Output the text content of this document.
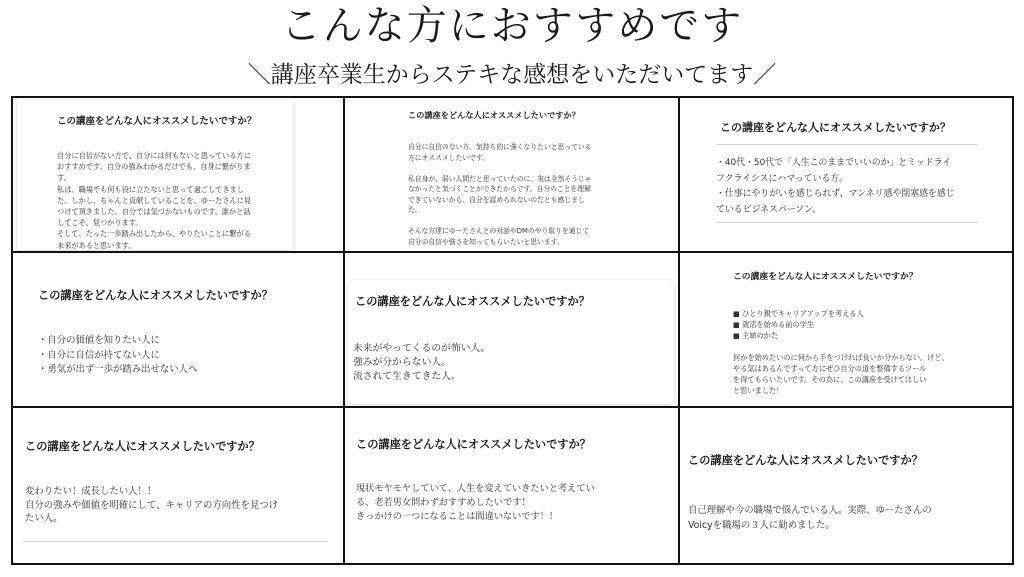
こんな方におすすめです
＼講座卒業生からステキな感想をいただいてます／
この講座をどんな人にオススメしたいですか？
自分に自信がない方で、自分には何もないと思っている方に
おすすめです。自分の強みわかるだけでも、自身に繋がりま
す。
私は、職場でも何も役に立たないと思って過ごしてきまし
た。しかし、ちゃんと貢献していることを、ゆーたさんに見
つけて頂きました。自分では気づかないものです。誰かと話
してこそ、見つかります。
そして、たった一歩踏み出したから、やりたいことに繋がる
未来があると思います。
この講座をどんな人にオススメしたいですか？
自分に自信のない方、気持ち的に強くなりたいと思っている
方にオススメしたいです。

私自身が、弱い人間だと思っていたのに、実は全然そうじゃ
なかったと気づくことができたからです。自分のことを理解
できていないから、自分を認められないのだとも感じまし
た。

そんな方達にゆーたさんとの対話やDMのやり取りを通じて
自分の自信や強さを知ってもらいたいと思います。
この講座をどんな人にオススメしたいですか？
・40代・50代で「人生このままでいいのか」とミッドライ
フクライシスにハマっている方。
・仕事にやりがいを感じられず、マンネリ感や閉塞感を感じ
ているビジネスパーソン。
この講座をどんな人にオススメしたいですか？
・自分の価値を知りたい人に
・自分に自信が持てない人に
・勇気が出ず一歩が踏み出せない人へ
この講座をどんな人にオススメしたいですか？
未来がやってくるのが怖い人。
強みが分からない人。
流されて生きてきた人。
この講座をどんな人にオススメしたいですか？
■ ひとり親でキャリアアップを考える人
■ 就活を始める前の学生
■ 主婦のかた

何かを始めたいのに何から手をつければ良いか分からない。けど、
やる気はあるんですって方にぜひ自分の道を整備するツール
を得てもらいたいです。その為に、この講座を受けてほしい
と思いました！
この講座をどんな人にオススメしたいですか？
変わりたい！成長したい人！！
自分の強みや価値を明確にして、キャリアの方向性を見つけ
たい人。
この講座をどんな人にオススメしたいですか？
現状モヤモヤしていて、人生を変えていきたいと考えてい
る、老若男女問わずおすすめしたいです！
きっかけの一つになることは間違いないです！！
この講座をどんな人にオススメしたいですか？
自己理解や今の職場で悩んでいる人。実際、ゆーたさんの
Voicyを職場の３人に勧めました。
